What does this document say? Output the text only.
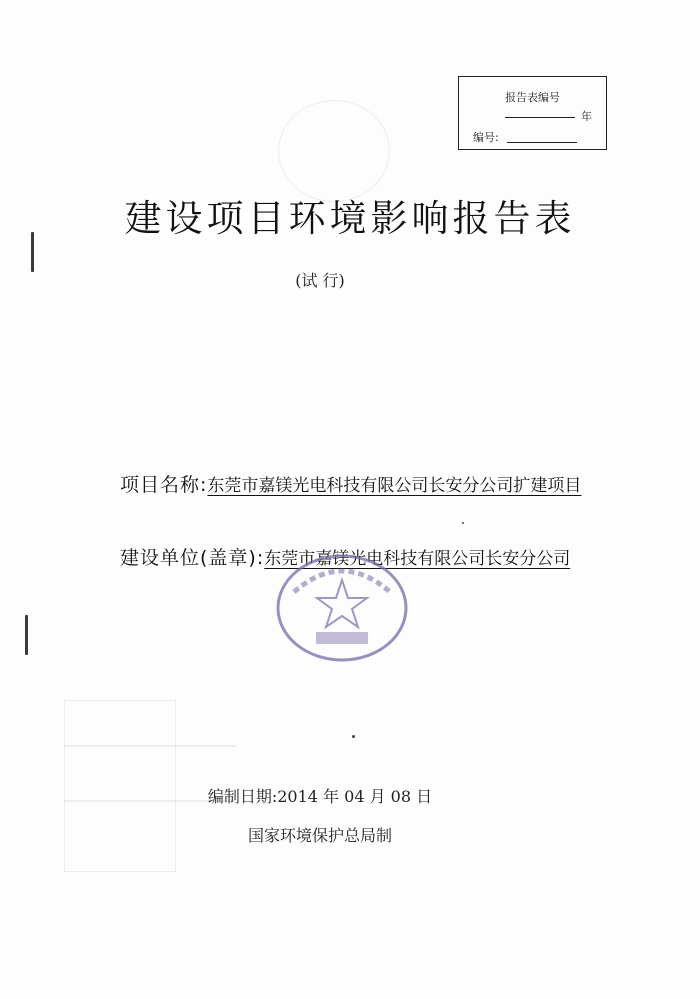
报告表编号
年
编号:
建设项目环境影响报告表
(试 行)
项目名称:东莞市嘉镁光电科技有限公司长安分公司扩建项目
建设单位(盖章):东莞市嘉镁光电科技有限公司长安分公司
编制日期:2014 年 04 月 08 日
国家环境保护总局制
